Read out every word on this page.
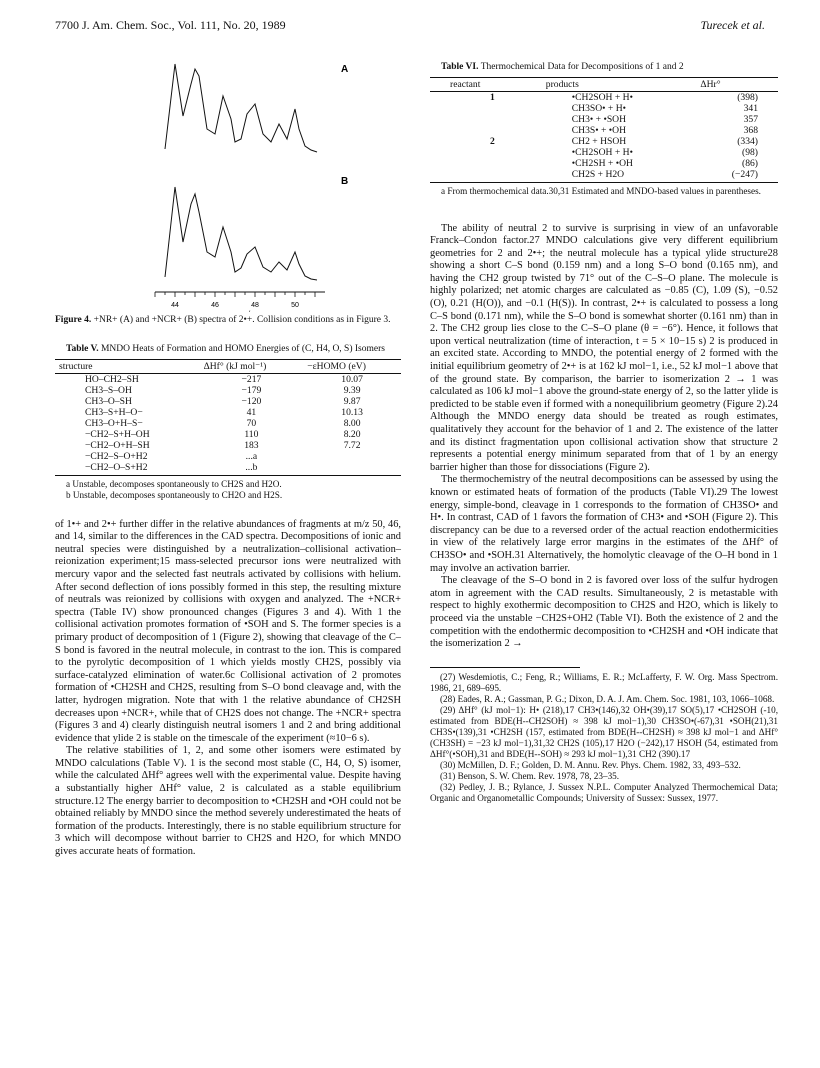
7700 J. Am. Chem. Soc., Vol. 111, No. 20, 1989	Turecek et al.
A
B
44	46	48	50

Figure 4. +NR+ (A) and +NCR+ (B) spectra of 2•+. Collision conditions as in Figure 3.

Table V. MNDO Heats of Formation and HOMO Energies of (C, H4, O, S) Isomers

structure	ΔHf° (kJ mol⁻¹)	−εHOMO (eV)
HO–CH2–SH	−217	10.07
CH3–S–OH	−179	9.39
CH3–O–SH	−120	9.87
CH3–S+H–O−	41	10.13
CH3–O+H–S−	70	8.00
−CH2–S+H–OH	110	8.20
−CH2–O+H–SH	183	7.72
−CH2–S–O+H2	...a	
−CH2–O–S+H2	...b	

a Unstable, decomposes spontaneously to CH2S and H2O.

b Unstable, decomposes spontaneously to CH2O and H2S.

of 1•+ and 2•+ further differ in the relative abundances of fragments at m/z 50, 46, and 14, similar to the differences in the CAD spectra. Decompositions of ionic and neutral species were distinguished by a neutralization–collisional activation–reionization experiment;15 mass-selected precursor ions were neutralized with mercury vapor and the selected fast neutrals activated by collisions with helium. After second deflection of ions possibly formed in this step, the resulting mixture of neutrals was reionized by collisions with oxygen and analyzed. The +NCR+ spectra (Table IV) show pronounced changes (Figures 3 and 4). With 1 the collisional activation promotes formation of •SOH and S. The former species is a primary product of decomposition of 1 (Figure 2), showing that cleavage of the C–S bond is favored in the neutral molecule, in contrast to the ion. This is compared to the pyrolytic decomposition of 1 which yields mostly CH2S, possibly via surface-catalyzed elimination of water.6c Collisional activation of 2 promotes formation of •CH2SH and CH2S, resulting from S–O bond cleavage and, with the latter, hydrogen migration. Note that with 1 the relative abundance of CH2SH decreases upon +NCR+, while that of CH2S does not change. The +NCR+ spectra (Figures 3 and 4) clearly distinguish neutral isomers 1 and 2 and bring additional evidence that ylide 2 is stable on the timescale of the experiment (≈10−6 s).

The relative stabilities of 1, 2, and some other isomers were estimated by MNDO calculations (Table V). 1 is the second most stable (C, H4, O, S) isomer, while the calculated ΔHf° agrees well with the experimental value. Despite having a substantially higher ΔHf° value, 2 is calculated as a stable equilibrium structure.12 The energy barrier to decomposition to •CH2SH and •OH could not be obtained reliably by MNDO since the method severely underestimated the heats of formation of the products. Interestingly, there is no stable equilibrium structure for 3 which will decompose without barrier to CH2S and H2O, for which MNDO gives accurate heats of formation.

Table VI. Thermochemical Data for Decompositions of 1 and 2

reactant	products	ΔHr°
1	•CH2SOH + H•	(398)
	CH3SO• + H•	341
	CH3• + •SOH	357
	CH3S• + •OH	368
2	CH2 + HSOH	(334)
	•CH2SOH + H•	(98)
	•CH2SH + •OH	(86)
	CH2S + H2O	(−247)

a From thermochemical data.30,31 Estimated and MNDO-based values in parentheses.

The ability of neutral 2 to survive is surprising in view of an unfavorable Franck–Condon factor.27 MNDO calculations give very different equilibrium geometries for 2 and 2•+; the neutral molecule has a typical ylide structure28 showing a short C–S bond (0.159 nm) and a long S–O bond (0.165 nm), and having the CH2 group twisted by 71° out of the C–S–O plane. The molecule is highly polarized; net atomic charges are calculated as −0.85 (C), 1.09 (S), −0.52 (O), 0.21 (H(O)), and −0.1 (H(S)). In contrast, 2•+ is calculated to possess a long C–S bond (0.171 nm), while the S–O bond is somewhat shorter (0.161 nm) than in 2. The CH2 group lies close to the C–S–O plane (θ = −6°). Hence, it follows that upon vertical neutralization (time of interaction, t = 5 × 10−15 s) 2 is produced in an excited state. According to MNDO, the potential energy of 2 formed with the initial equilibrium geometry of 2•+ is at 162 kJ mol−1, i.e., 52 kJ mol−1 above that of the ground state. By comparison, the barrier to isomerization 2 → 1 was calculated as 106 kJ mol−1 above the ground-state energy of 2, so the latter ylide is predicted to be stable even if formed with a nonequilibrium geometry (Figure 2).24 Although the MNDO energy data should be treated as rough estimates, qualitatively they account for the behavior of 1 and 2. The existence of the latter and its distinct fragmentation upon collisional activation show that structure 2 represents a potential energy minimum separated from that of 1 by an energy barrier higher than those for dissociations (Figure 2).

The thermochemistry of the neutral decompositions can be assessed by using the known or estimated heats of formation of the products (Table VI).29 The lowest energy, simple-bond, cleavage in 1 corresponds to the formation of CH3SO• and H•. In contrast, CAD of 1 favors the formation of CH3• and •SOH (Figure 2). This discrepancy can be due to a reversed order of the actual reaction endothermicities in view of the relatively large error margins in the estimates of the ΔHf° of CH3SO• and •SOH.31 Alternatively, the homolytic cleavage of the O–H bond in 1 may involve an activation barrier.

The cleavage of the S–O bond in 2 is favored over loss of the sulfur hydrogen atom in agreement with the CAD results. Simultaneously, 2 is metastable with respect to highly exothermic decomposition to CH2S and H2O, which is likely to proceed via the unstable −CH2S+OH2 (Table VI). Both the existence of 2 and the competition with the endothermic decomposition to •CH2SH and •OH indicate that the isomerization 2 →

(27) Wesdemiotis, C.; Feng, R.; Williams, E. R.; McLafferty, F. W. Org. Mass Spectrom. 1986, 21, 689–695.

(28) Eades, R. A.; Gassman, P. G.; Dixon, D. A. J. Am. Chem. Soc. 1981, 103, 1066–1068.

(29) ΔHf° (kJ mol−1): H• (218),17 CH3•(146),32 OH•(39),17 SO(5),17 •CH2SOH (-10, estimated from BDE(H--CH2SOH) ≈ 398 kJ mol−1),30 CH3SO•(-67),31 •SOH(21),31 CH3S•(139),31 •CH2SH (157, estimated from BDE(H--CH2SH) ≈ 398 kJ mol−1 and ΔHf°(CH3SH) = −23 kJ mol−1),31,32 CH2S (105),17 H2O (−242),17 HSOH (54, estimated from ΔHf°(•SOH),31 and BDE(H--SOH) ≈ 293 kJ mol−1),31 CH2 (390).17

(30) McMillen, D. F.; Golden, D. M. Annu. Rev. Phys. Chem. 1982, 33, 493–532.

(31) Benson, S. W. Chem. Rev. 1978, 78, 23–35.

(32) Pedley, J. B.; Rylance, J. Sussex N.P.L. Computer Analyzed Thermochemical Data; Organic and Organometallic Compounds; University of Sussex: Sussex, 1977.
